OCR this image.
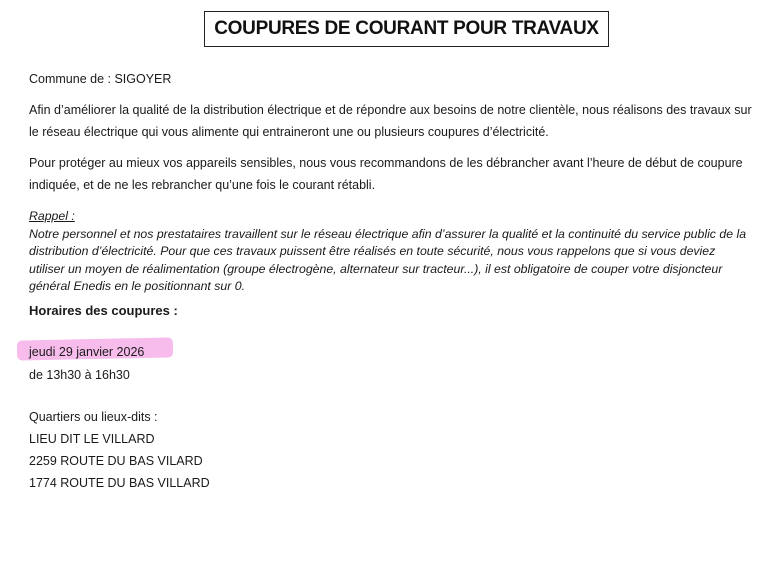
COUPURES DE COURANT POUR TRAVAUX
Commune de : SIGOYER
Afin d’améliorer la qualité de la distribution électrique et de répondre aux besoins de notre clientèle, nous réalisons des travaux sur le réseau électrique qui vous alimente qui entraineront une ou plusieurs coupures d’électricité.
Pour protéger au mieux vos appareils sensibles, nous vous recommandons de les débrancher avant l’heure de début de coupure indiquée, et de ne les rebrancher qu’une fois le courant rétabli.
Rappel :
Notre personnel et nos prestataires travaillent sur le réseau électrique afin d’assurer la qualité et la continuité du service public de la distribution d’électricité. Pour que ces travaux puissent être réalisés en toute sécurité, nous vous rappelons que si vous deviez utiliser un moyen de réalimentation (groupe électrogène, alternateur sur tracteur...), il est obligatoire de couper votre disjoncteur général Enedis en le positionnant sur 0.
Horaires des coupures :
jeudi 29 janvier 2026
de 13h30 à 16h30
Quartiers ou lieux-dits :
LIEU DIT LE VILLARD
2259 ROUTE DU BAS VILARD
1774 ROUTE DU BAS VILLARD
